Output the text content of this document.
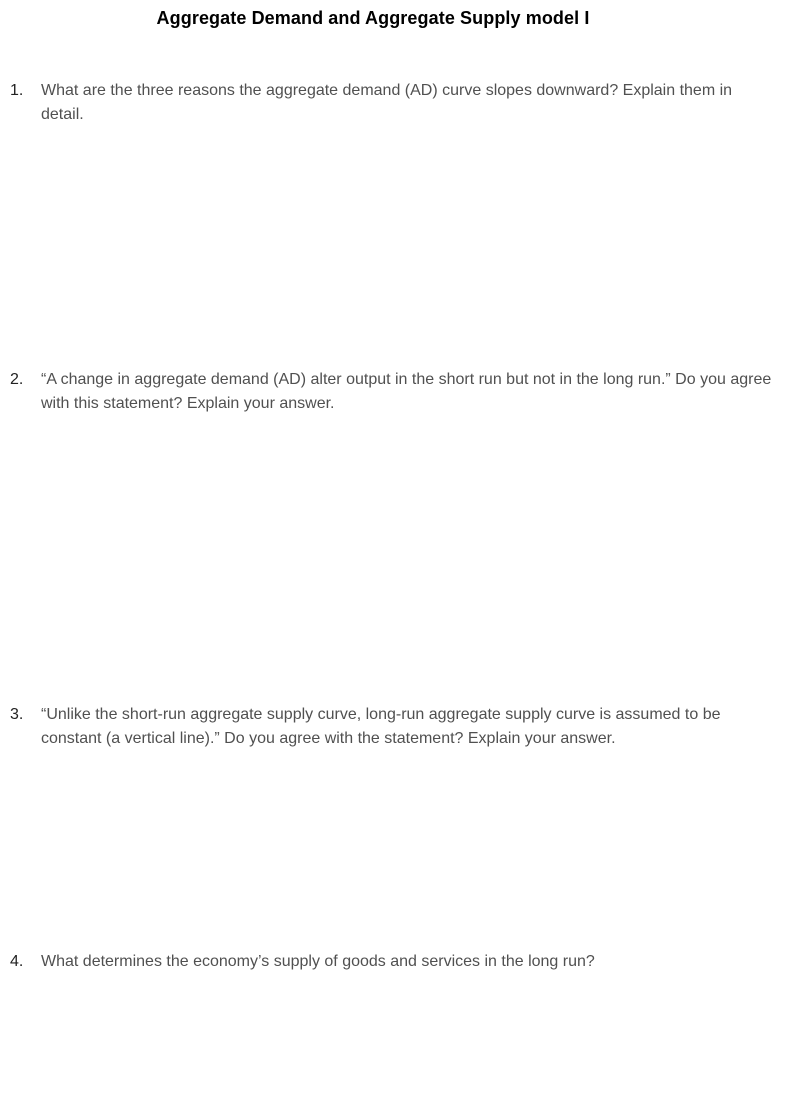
Aggregate Demand and Aggregate Supply model I
1.	What are the three reasons the aggregate demand (AD) curve slopes downward? Explain them in detail.
2.	“A change in aggregate demand (AD) alter output in the short run but not in the long run.” Do you agree with this statement? Explain your answer.
3.	“Unlike the short-run aggregate supply curve, long-run aggregate supply curve is assumed to be constant (a vertical line).” Do you agree with the statement? Explain your answer.
4.	What determines the economy’s supply of goods and services in the long run?
